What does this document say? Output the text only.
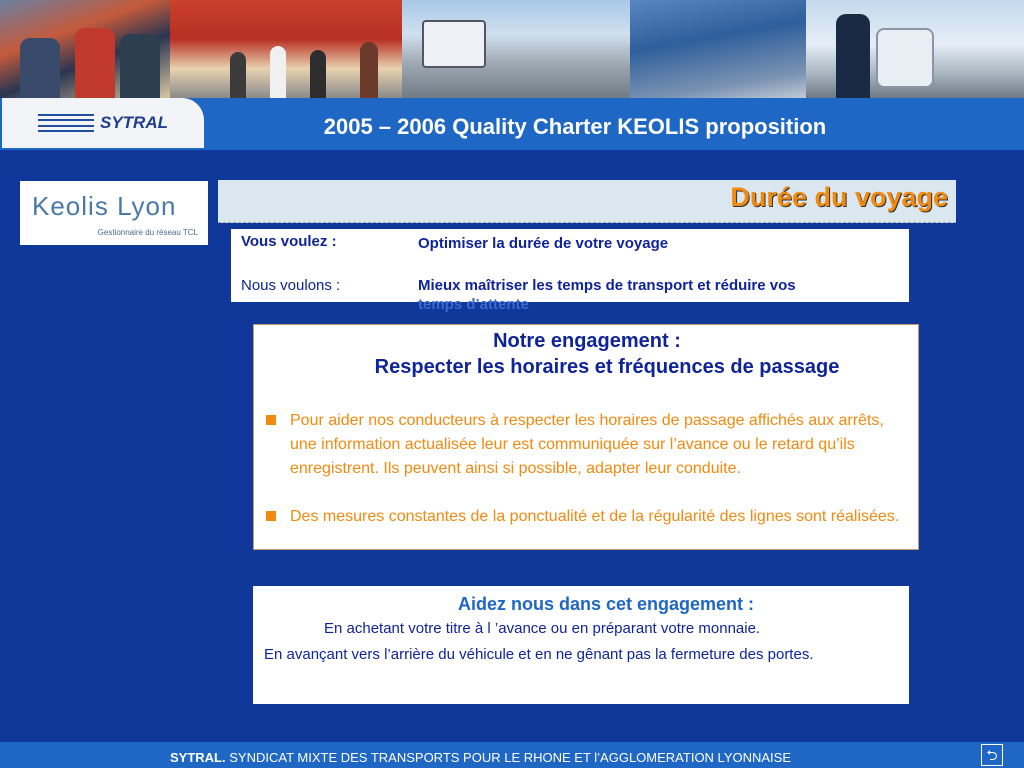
SYTRAL	2005 – 2006 Quality Charter KEOLIS proposition
Keolis Lyon
Gestionnaire du réseau TCL
Durée du voyage
Vous voulez :	Optimiser la durée de votre voyage
Nous voulons :	Mieux maîtriser les temps de transport et réduire vos
temps d’attente
Notre engagement :
Respecter les horaires et fréquences de passage
Pour aider nos conducteurs à respecter les horaires de passage affichés aux arrêts, une information actualisée leur est communiquée sur l’avance ou le retard qu’ils enregistrent. Ils peuvent ainsi si possible, adapter leur conduite.
Des mesures constantes de la ponctualité et de la régularité des lignes sont réalisées.
Aidez nous dans cet engagement :
En achetant votre titre à l ’avance ou en préparant votre monnaie.
En avançant vers l’arrière du véhicule et en ne gênant pas la fermeture des portes.
SYTRAL. SYNDICAT MIXTE DES TRANSPORTS POUR LE RHONE ET l’AGGLOMERATION LYONNAISE	⮌
